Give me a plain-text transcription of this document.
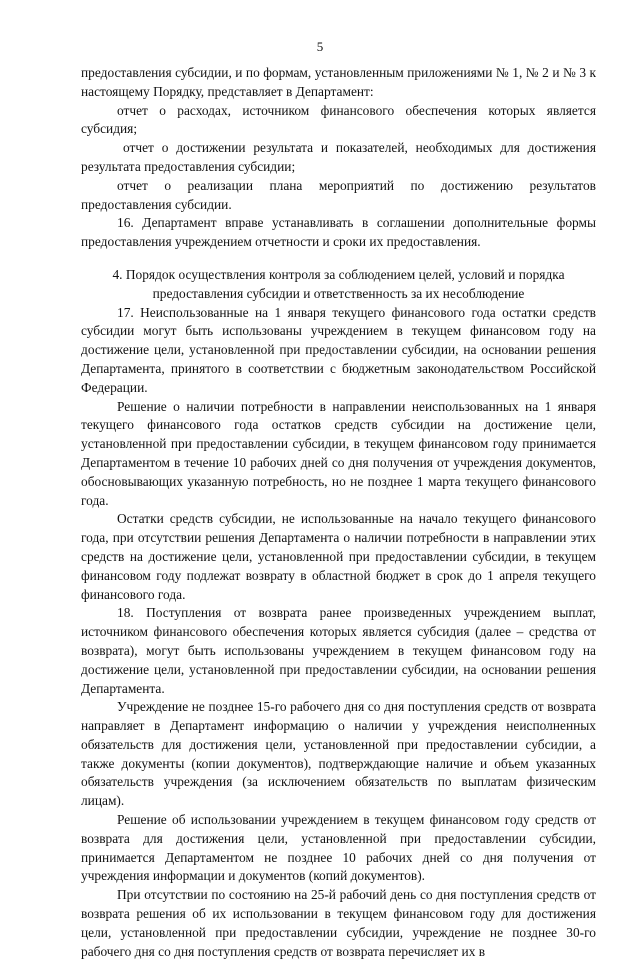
5

предоставления субсидии, и по формам, установленным приложениями № 1, № 2 и № 3 к настоящему Порядку, представляет в Департамент:

отчет о расходах, источником финансового обеспечения которых является субсидия;

отчет о достижении результата и показателей, необходимых для достижения результата предоставления субсидии;

отчет о реализации плана мероприятий по достижению результатов предоставления субсидии.

16. Департамент вправе устанавливать в соглашении дополнительные формы предоставления учреждением отчетности и сроки их предоставления.

4. Порядок осуществления контроля за соблюдением целей, условий и порядка предоставления субсидии и ответственность за их несоблюдение

17. Неиспользованные на 1 января текущего финансового года остатки средств субсидии могут быть использованы учреждением в текущем финансовом году на достижение цели, установленной при предоставлении субсидии, на основании решения Департамента, принятого в соответствии с бюджетным законодательством Российской Федерации.

Решение о наличии потребности в направлении неиспользованных на 1 января текущего финансового года остатков средств субсидии на достижение цели, установленной при предоставлении субсидии, в текущем финансовом году принимается Департаментом в течение 10 рабочих дней со дня получения от учреждения документов, обосновывающих указанную потребность, но не позднее 1 марта текущего финансового года.

Остатки средств субсидии, не использованные на начало текущего финансового года, при отсутствии решения Департамента о наличии потребности в направлении этих средств на достижение цели, установленной при предоставлении субсидии, в текущем финансовом году подлежат возврату в областной бюджет в срок до 1 апреля текущего финансового года.

18. Поступления от возврата ранее произведенных учреждением выплат, источником финансового обеспечения которых является субсидия (далее – средства от возврата), могут быть использованы учреждением в текущем финансовом году на достижение цели, установленной при предоставлении субсидии, на основании решения Департамента.

Учреждение не позднее 15-го рабочего дня со дня поступления средств от возврата направляет в Департамент информацию о наличии у учреждения неисполненных обязательств для достижения цели, установленной при предоставлении субсидии, а также документы (копии документов), подтверждающие наличие и объем указанных обязательств учреждения (за исключением обязательств по выплатам физическим лицам).

Решение об использовании учреждением в текущем финансовом году средств от возврата для достижения цели, установленной при предоставлении субсидии, принимается Департаментом не позднее 10 рабочих дней со дня получения от учреждения информации и документов (копий документов).

При отсутствии по состоянию на 25-й рабочий день со дня поступления средств от возврата решения об их использовании в текущем финансовом году для достижения цели, установленной при предоставлении субсидии, учреждение не позднее 30-го рабочего дня со дня поступления средств от возврата перечисляет их в
